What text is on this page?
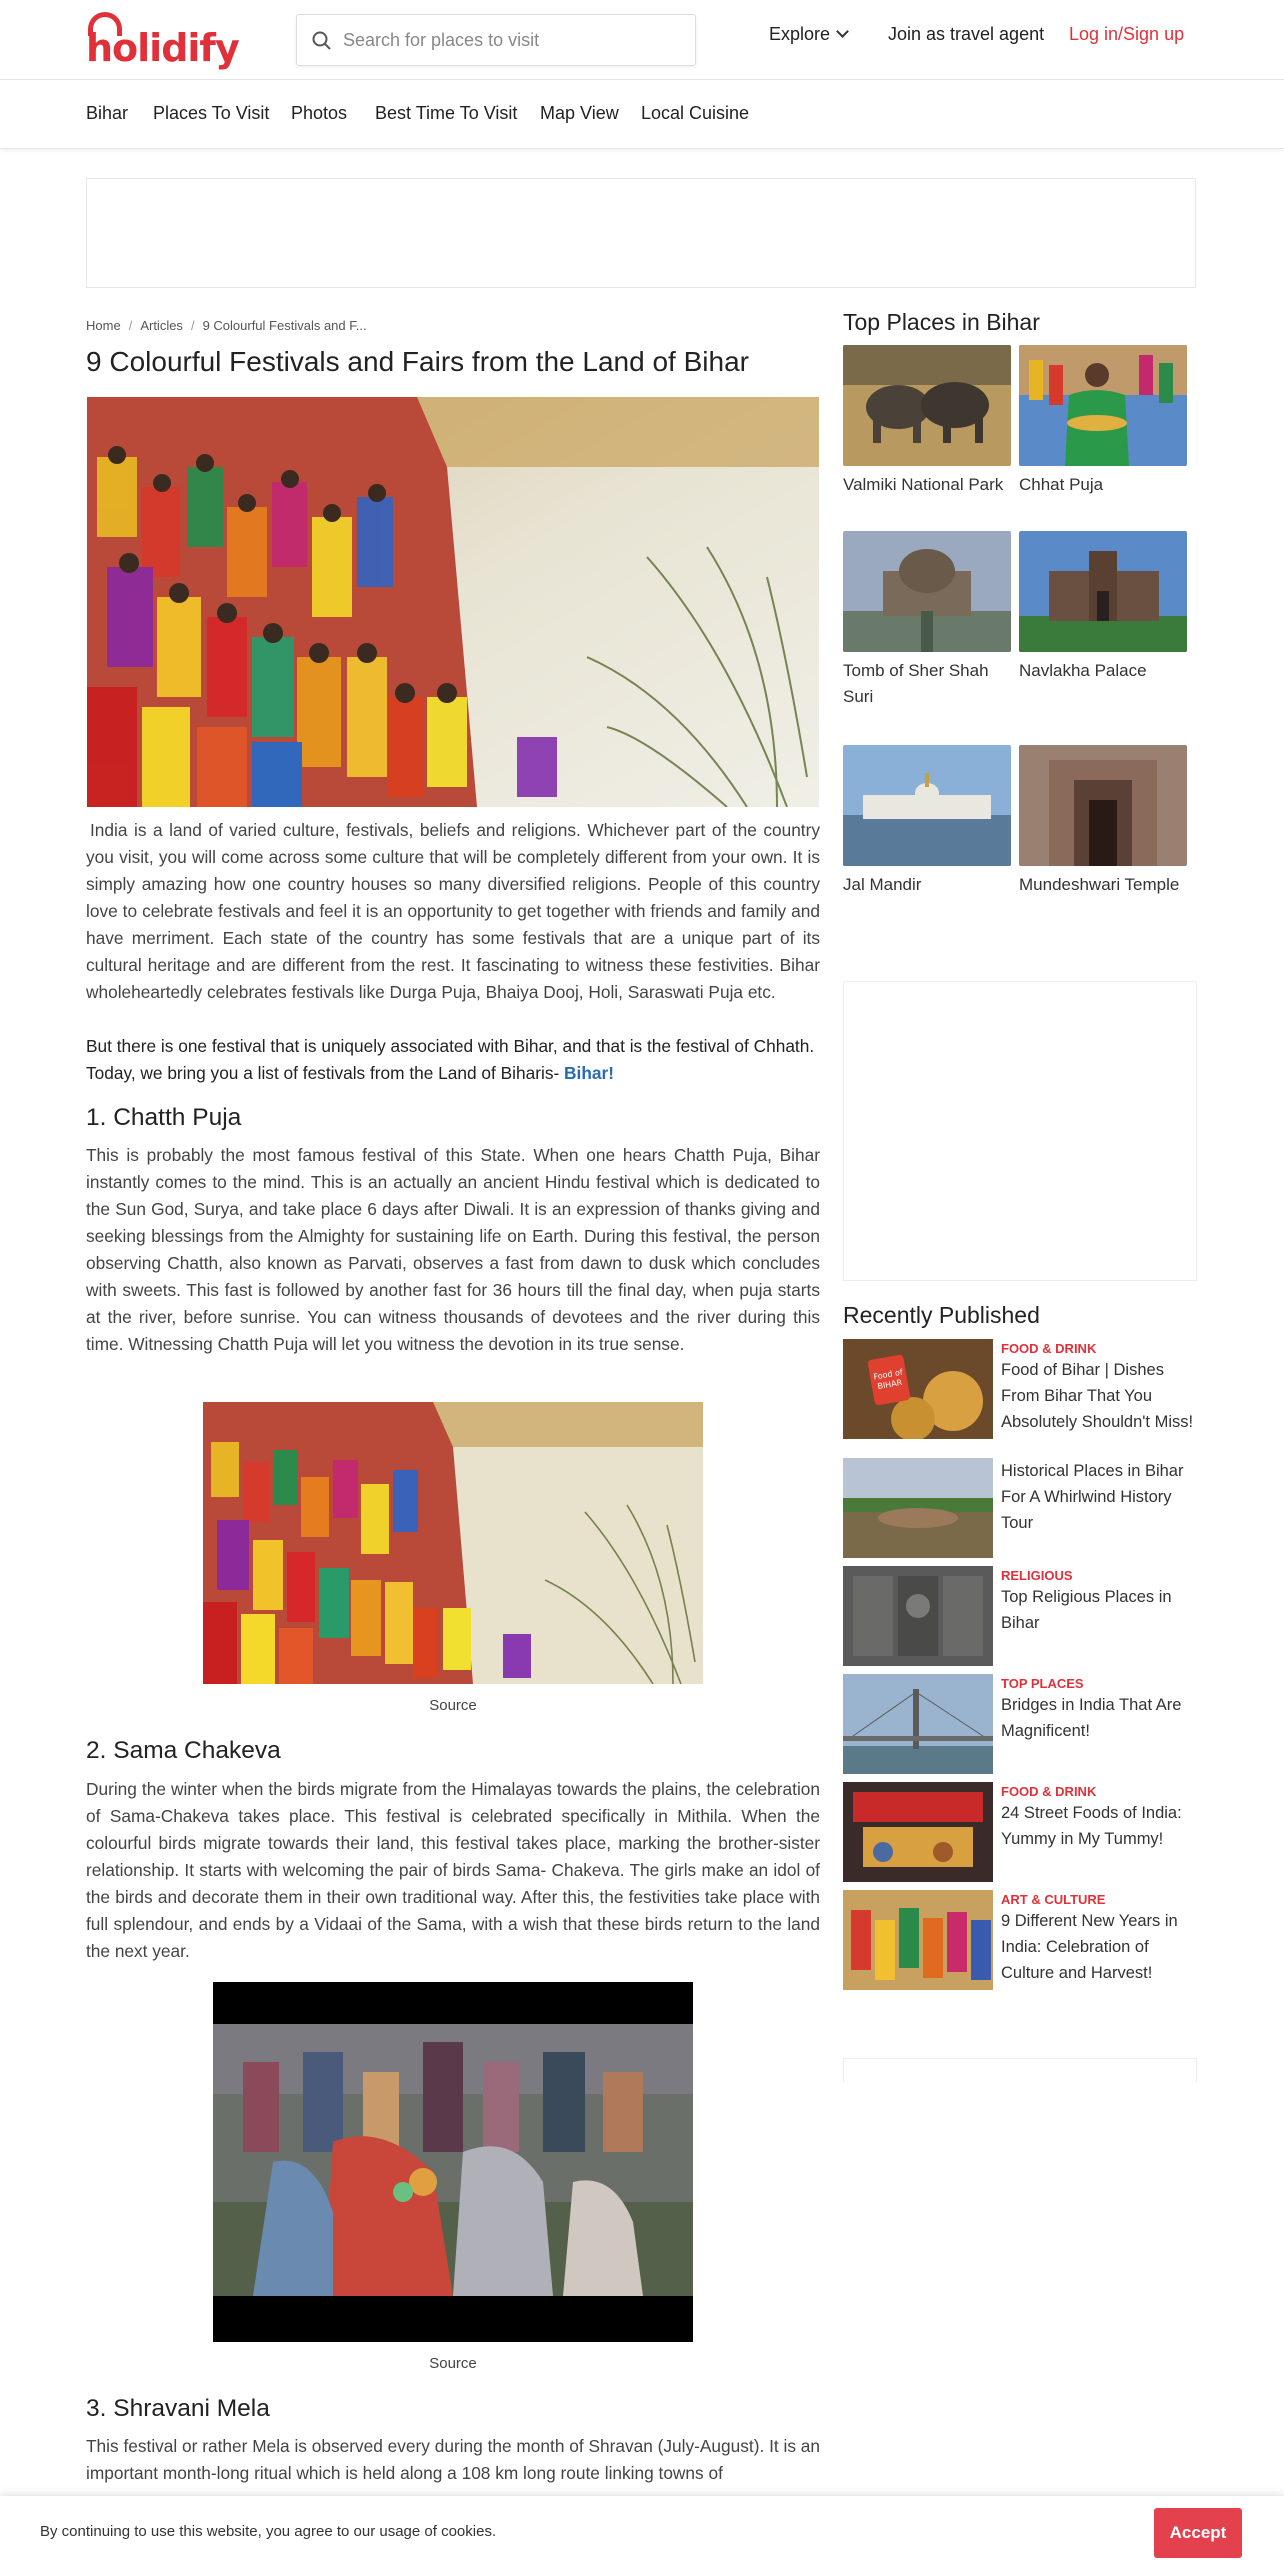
holidify
Search for places to visit	Explore	Join as travel agent Log in/Sign up
Bihar Places To Visit Photos Best Time To Visit Map View Local Cuisine
Home / Articles / 9 Colourful Festivals and F...
9 Colourful Festivals and Fairs from the Land of Bihar

India is a land of varied culture, festivals, beliefs and religions. Whichever part of the country you visit, you will come across some culture that will be completely different from your own. It is simply amazing how one country houses so many diversified religions. People of this country love to celebrate festivals and feel it is an opportunity to get together with friends and family and have merriment. Each state of the country has some festivals that are a unique part of its cultural heritage and are different from the rest. It fascinating to witness these festivities. Bihar wholeheartedly celebrates festivals like Durga Puja, Bhaiya Dooj, Holi, Saraswati Puja etc.

But there is one festival that is uniquely associated with Bihar, and that is the festival of Chhath. Today, we bring you a list of festivals from the Land of Biharis- Bihar!

1. Chatth Puja

This is probably the most famous festival of this State. When one hears Chatth Puja, Bihar instantly comes to the mind. This is an actually an ancient Hindu festival which is dedicated to the Sun God, Surya, and take place 6 days after Diwali. It is an expression of thanks giving and seeking blessings from the Almighty for sustaining life on Earth. During this festival, the person observing Chatth, also known as Parvati, observes a fast from dawn to dusk which concludes with sweets. This fast is followed by another fast for 36 hours till the final day, when puja starts at the river, before sunrise. You can witness thousands of devotees and the river during this time. Witnessing Chatth Puja will let you witness the devotion in its true sense.

Source
2. Sama Chakeva

During the winter when the birds migrate from the Himalayas towards the plains, the celebration of Sama-Chakeva takes place. This festival is celebrated specifically in Mithila. When the colourful birds migrate towards their land, this festival takes place, marking the brother-sister relationship. It starts with welcoming the pair of birds Sama- Chakeva. The girls make an idol of the birds and decorate them in their own traditional way. After this, the festivities take place with full splendour, and ends by a Vidaai of the Sama, with a wish that these birds return to the land the next year.

Source
3. Shravani Mela

This festival or rather Mela is observed every during the month of Shravan (July-August). It is an important month-long ritual which is held along a 108 km long route linking towns of

Top Places in Bihar
Valmiki National Park Chhat Puja
Tomb of Sher Shah Suri
Navlakha Palace
Jal Mandir	Mundeshwari Temple
Recently Published
Food of
BIHAR
FOOD & DRINK
Food of Bihar | Dishes From Bihar That You Absolutely Shouldn't Miss!
Historical Places in Bihar For A Whirlwind History Tour
RELIGIOUS
Top Religious Places in Bihar
TOP PLACES
Bridges in India That Are Magnificent!
FOOD & DRINK
24 Street Foods of India: Yummy in My Tummy!
ART & CULTURE
9 Different New Years in India: Celebration of Culture and Harvest!
By continuing to use this website, you agree to our usage of cookies.	Accept
